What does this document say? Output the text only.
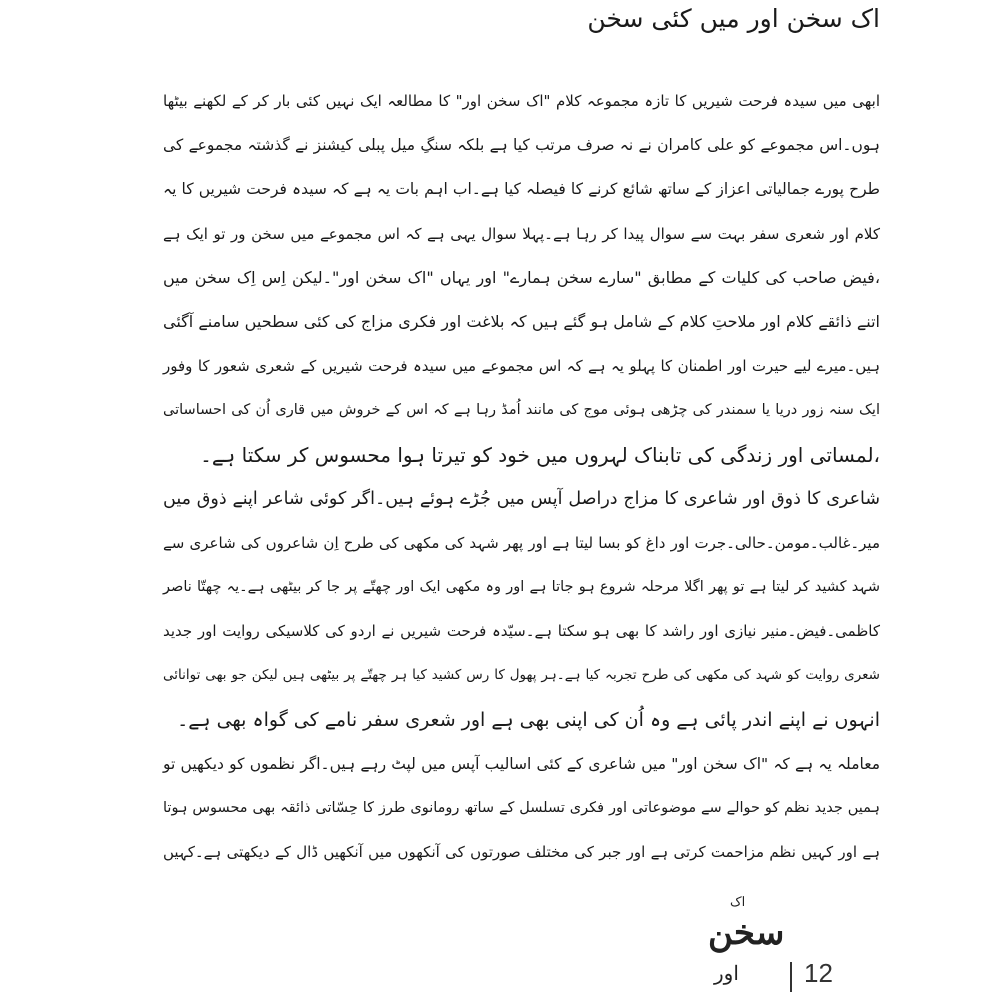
اک سخن اور میں کئی سخن
ابھی میں سیدہ فرحت شیریں کا تازہ مجموعہ کلام "اک سخن اور" کا مطالعہ ایک نہیں کئی بار کر کے لکھنے بیٹھا
ہوں۔اس مجموعے کو علی کامران نے نہ صرف مرتب کیا ہے بلکہ سنگِ میل پبلی کیشنز نے گذشتہ مجموعے کی
طرح پورے جمالیاتی اعزاز کے ساتھ شائع کرنے کا فیصلہ کیا ہے۔اب اہم بات یہ ہے کہ سیدہ فرحت شیریں کا یہ
کلام اور شعری سفر بہت سے سوال پیدا کر رہا ہے۔پہلا سوال یہی ہے کہ اس مجموعے میں سخن ور تو ایک ہے
،فیض صاحب کی کلیات کے مطابق "سارے سخن ہمارے" اور یہاں "اک سخن اور"۔لیکن اِس اِک سخن میں
اتنے ذائقے کلام اور ملاحتِ کلام کے شامل ہو گئے ہیں کہ بلاغت اور فکری مزاج کی کئی سطحیں سامنے آگئی
ہیں۔میرے لیے حیرت اور اطمنان کا پہلو یہ ہے کہ اس مجموعے میں سیدہ فرحت شیریں کے شعری شعور کا وفور
ایک سنہ زور دریا یا سمندر کی چڑھی ہوئی موج کی مانند اُمڈ رہا ہے کہ اس کے خروش میں قاری اُن کی احساساتی
،لمساتی اور زندگی کی تابناک لہروں میں خود کو تیرتا ہوا محسوس کر سکتا ہے۔
شاعری کا ذوق اور شاعری کا مزاج دراصل آپس میں جُڑے ہوئے ہیں۔اگر کوئی شاعر اپنے ذوق میں
میر۔غالب۔مومن۔حالی۔جرت اور داغ کو بسا لیتا ہے اور پھر شہد کی مکھی کی طرح اِن شاعروں کی شاعری سے
شہد کشید کر لیتا ہے تو پھر اگلا مرحلہ شروع ہو جاتا ہے اور وہ مکھی ایک اور چھتّے پر جا کر بیٹھی ہے۔یہ چھتّا ناصر
کاظمی۔فیض۔منیر نیازی اور راشد کا بھی ہو سکتا ہے۔سیّدہ فرحت شیریں نے اردو کی کلاسیکی روایت اور جدید
شعری روایت کو شہد کی مکھی کی طرح تجربہ کیا ہے۔ہر پھول کا رس کشید کیا ہر چھتّے پر بیٹھی ہیں لیکن جو بھی توانائی
انہوں نے اپنے اندر پائی ہے وہ اُن کی اپنی بھی ہے اور شعری سفر نامے کی گواہ بھی ہے۔
معاملہ یہ ہے کہ "اک سخن اور" میں شاعری کے کئی اسالیب آپس میں لپٹ رہے ہیں۔اگر نظموں کو دیکھیں تو
ہمیں جدید نظم کو حوالے سے موضوعاتی اور فکری تسلسل کے ساتھ رومانوی طرز کا حِسّاتی ذائقہ بھی محسوس ہوتا
ہے اور کہیں نظم مزاحمت کرتی ہے اور جبر کی مختلف صورتوں کی آنکھوں میں آنکھیں ڈال کے دیکھتی ہے۔کہیں
اک
سخن
اور	12
